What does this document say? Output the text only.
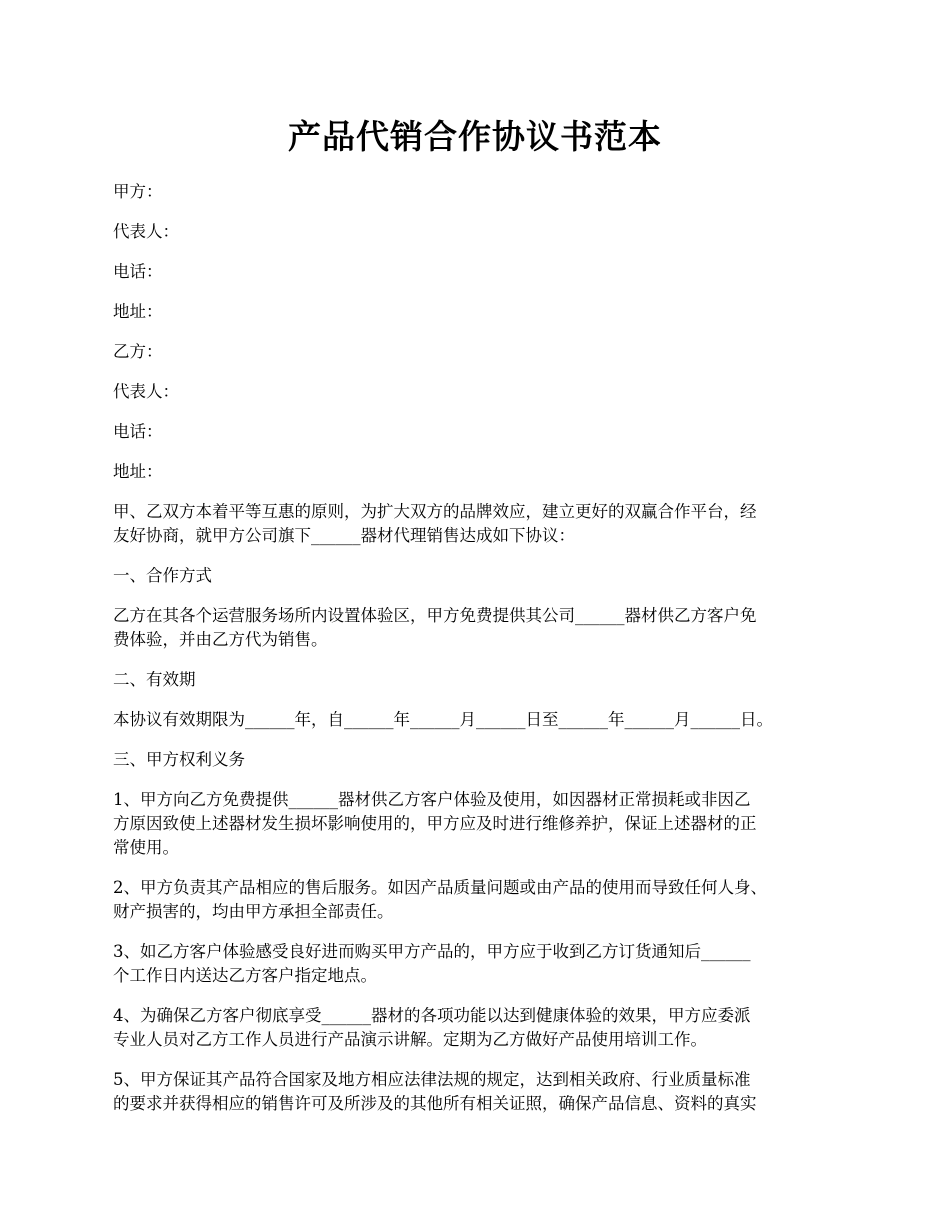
产品代销合作协议书范本
甲方：
代表人：
电话：
地址：
乙方：
代表人：
电话：
地址：
甲、乙双方本着平等互惠的原则，为扩大双方的品牌效应，建立更好的双赢合作平台，经
友好协商，就甲方公司旗下______器材代理销售达成如下协议：
一、合作方式
乙方在其各个运营服务场所内设置体验区，甲方免费提供其公司______器材供乙方客户免
费体验，并由乙方代为销售。
二、有效期
本协议有效期限为______年，自______年______月______日至______年______月______日。
三、甲方权利义务
1、甲方向乙方免费提供______器材供乙方客户体验及使用，如因器材正常损耗或非因乙
方原因致使上述器材发生损坏影响使用的，甲方应及时进行维修养护，保证上述器材的正
常使用。
2、甲方负责其产品相应的售后服务。如因产品质量问题或由产品的使用而导致任何人身、
财产损害的，均由甲方承担全部责任。
3、如乙方客户体验感受良好进而购买甲方产品的，甲方应于收到乙方订货通知后______
个工作日内送达乙方客户指定地点。
4、为确保乙方客户彻底享受______器材的各项功能以达到健康体验的效果，甲方应委派
专业人员对乙方工作人员进行产品演示讲解。定期为乙方做好产品使用培训工作。
5、甲方保证其产品符合国家及地方相应法律法规的规定，达到相关政府、行业质量标准
的要求并获得相应的销售许可及所涉及的其他所有相关证照，确保产品信息、资料的真实
